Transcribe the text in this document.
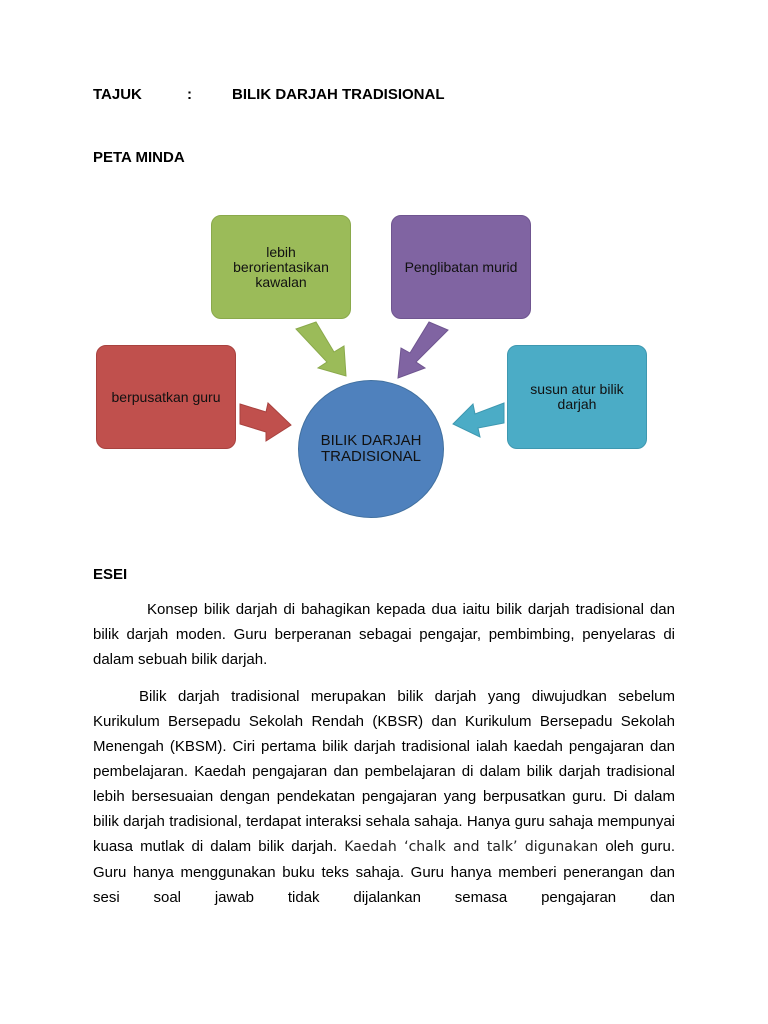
TAJUK	:	BILIK DARJAH TRADISIONAL
PETA MINDA
lebih berorientasikan kawalan
Penglibatan murid
berpusatkan guru	susun atur bilik darjah
BILIK DARJAH TRADISIONAL
ESEI

Konsep bilik darjah di bahagikan kepada dua iaitu bilik darjah tradisional dan bilik darjah moden. Guru berperanan sebagai pengajar, pembimbing, penyelaras di dalam sebuah bilik darjah.

Bilik darjah tradisional merupakan bilik darjah yang diwujudkan sebelum Kurikulum Bersepadu Sekolah Rendah (KBSR) dan Kurikulum Bersepadu Sekolah Menengah (KBSM). Ciri pertama bilik darjah tradisional ialah kaedah pengajaran dan pembelajaran. Kaedah pengajaran dan pembelajaran di dalam bilik darjah tradisional lebih bersesuaian dengan pendekatan pengajaran yang berpusatkan guru. Di dalam bilik darjah tradisional, terdapat interaksi sehala sahaja. Hanya guru sahaja mempunyai kuasa mutlak di dalam bilik darjah. Kaedah ‘chalk and talk’ digunakan oleh guru. Guru hanya menggunakan buku teks sahaja. Guru hanya memberi penerangan dan sesi soal jawab tidak dijalankan semasa pengajaran dan
